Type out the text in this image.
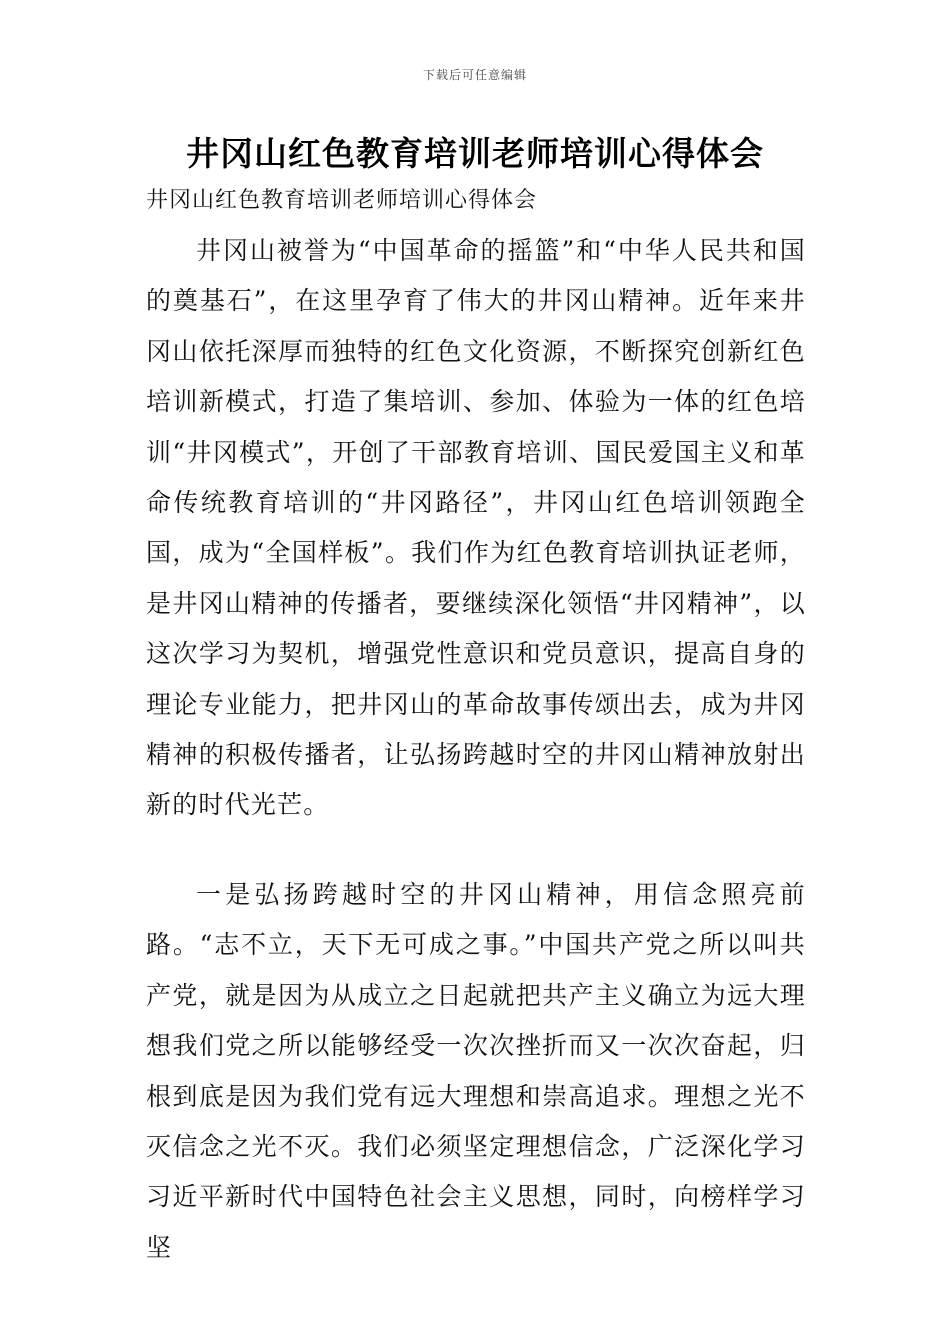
下载后可任意编辑
井冈山红色教育培训老师培训心得体会

井冈山红色教育培训老师培训心得体会

井冈山被誉为“中国革命的摇篮”和“中华人民共和国的奠基石”，在这里孕育了伟大的井冈山精神。近年来井冈山依托深厚而独特的红色文化资源，不断探究创新红色培训新模式，打造了集培训、参加、体验为一体的红色培训“井冈模式”，开创了干部教育培训、国民爱国主义和革命传统教育培训的“井冈路径”，井冈山红色培训领跑全国，成为“全国样板”。我们作为红色教育培训执证老师，是井冈山精神的传播者，要继续深化领悟“井冈精神”，以这次学习为契机，增强党性意识和党员意识，提高自身的理论专业能力，把井冈山的革命故事传颂出去，成为井冈精神的积极传播者，让弘扬跨越时空的井冈山精神放射出新的时代光芒。

一是弘扬跨越时空的井冈山精神，用信念照亮前路。“志不立，天下无可成之事。”中国共产党之所以叫共产党，就是因为从成立之日起就把共产主义确立为远大理想我们党之所以能够经受一次次挫折而又一次次奋起，归根到底是因为我们党有远大理想和崇高追求。理想之光不灭信念之光不灭。我们必须坚定理想信念，广泛深化学习习近平新时代中国特色社会主义思想，同时，向榜样学习坚
